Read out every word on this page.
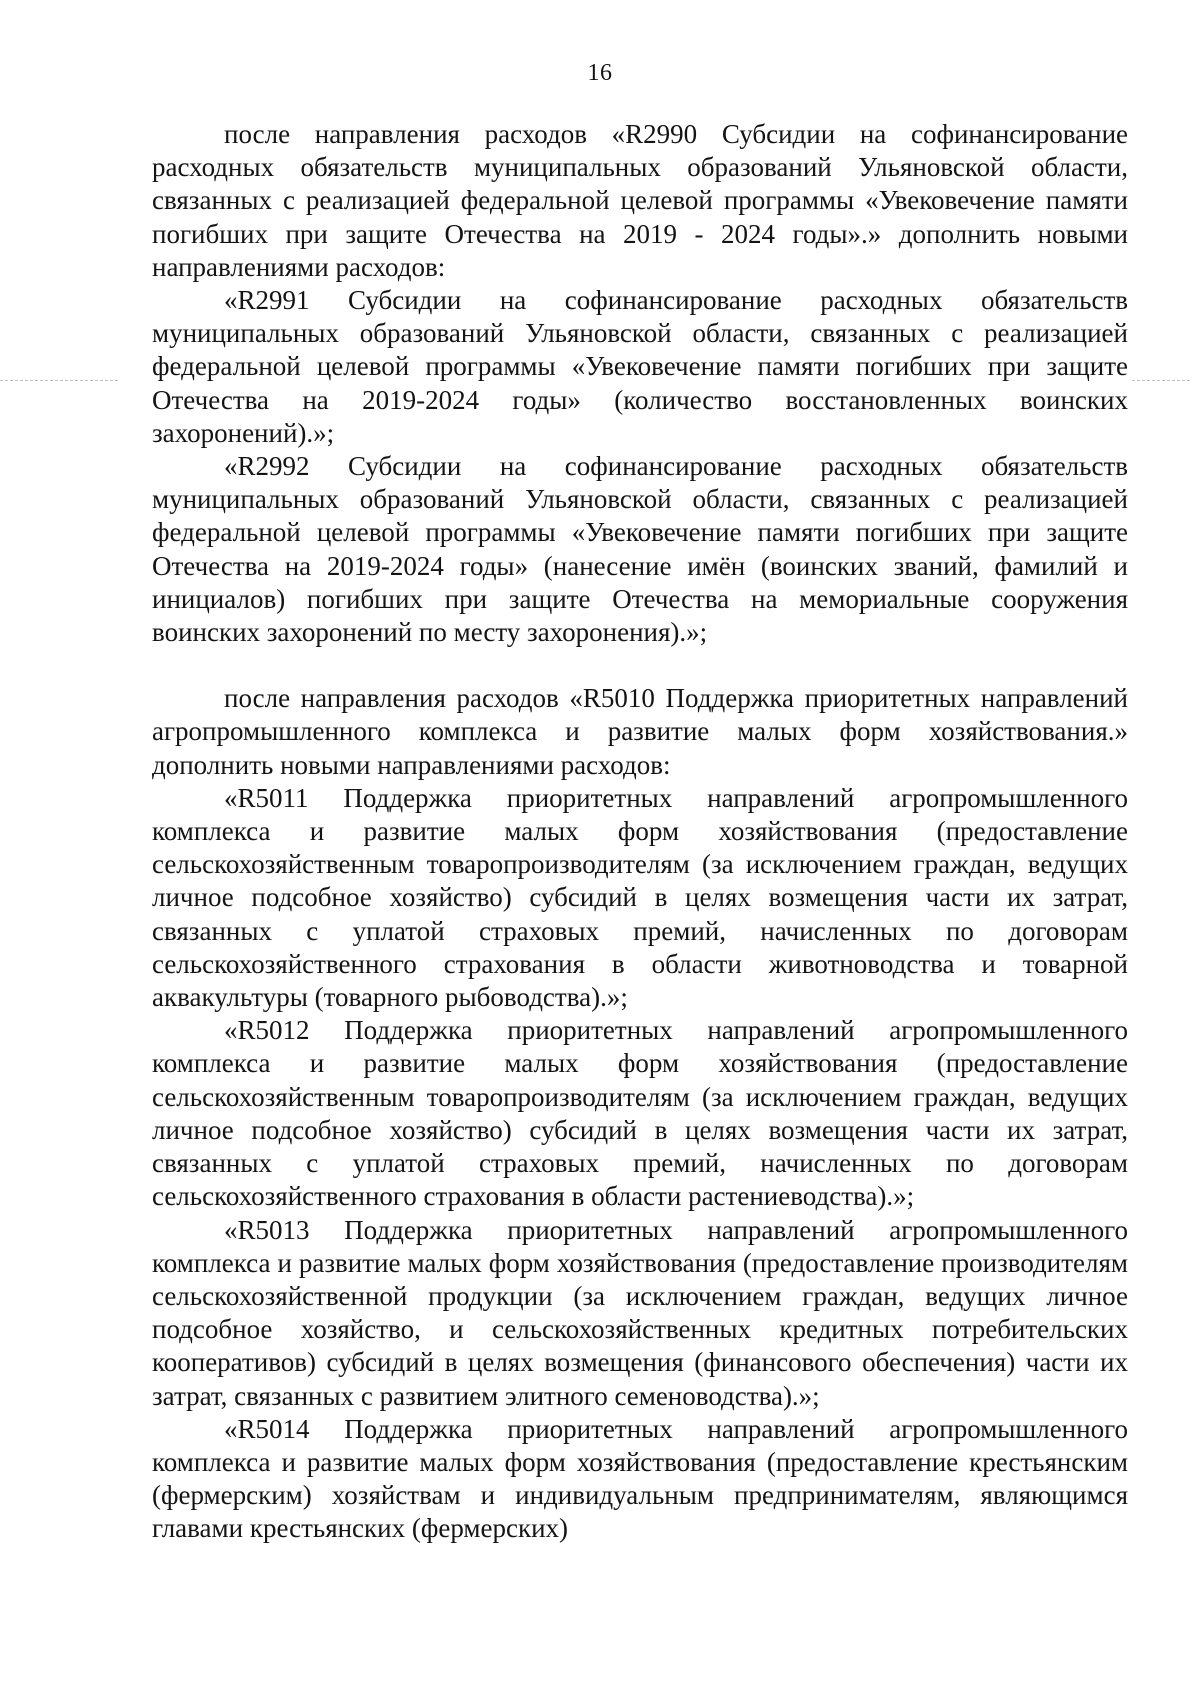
16

после направления расходов «R2990 Субсидии на софинансирование расходных обязательств муниципальных образований Ульяновской области, связанных с реализацией федеральной целевой программы «Увековечение памяти погибших при защите Отечества на 2019 - 2024 годы».» дополнить новыми направлениями расходов:

«R2991 Субсидии на софинансирование расходных обязательств муниципальных образований Ульяновской области, связанных с реализацией федеральной целевой программы «Увековечение памяти погибших при защите Отечества на 2019-2024 годы» (количество восстановленных воинских захоронений).»;

«R2992 Субсидии на софинансирование расходных обязательств муниципальных образований Ульяновской области, связанных с реализацией федеральной целевой программы «Увековечение памяти погибших при защите Отечества на 2019-2024 годы» (нанесение имён (воинских званий, фамилий и инициалов) погибших при защите Отечества на мемориальные сооружения воинских захоронений по месту захоронения).»;

после направления расходов «R5010 Поддержка приоритетных направлений агропромышленного комплекса и развитие малых форм хозяйствования.» дополнить новыми направлениями расходов:

«R5011 Поддержка приоритетных направлений агропромышленного комплекса и развитие малых форм хозяйствования (предоставление сельскохозяйственным товаропроизводителям (за исключением граждан, ведущих личное подсобное хозяйство) субсидий в целях возмещения части их затрат, связанных с уплатой страховых премий, начисленных по договорам сельскохозяйственного страхования в области животноводства и товарной аквакультуры (товарного рыбоводства).»;

«R5012 Поддержка приоритетных направлений агропромышленного комплекса и развитие малых форм хозяйствования (предоставление сельскохозяйственным товаропроизводителям (за исключением граждан, ведущих личное подсобное хозяйство) субсидий в целях возмещения части их затрат, связанных с уплатой страховых премий, начисленных по договорам сельскохозяйственного страхования в области растениеводства).»;

«R5013 Поддержка приоритетных направлений агропромышленного комплекса и развитие малых форм хозяйствования (предоставление производителям сельскохозяйственной продукции (за исключением граждан, ведущих личное подсобное хозяйство, и сельскохозяйственных кредитных потребительских кооперативов) субсидий в целях возмещения (финансового обеспечения) части их затрат, связанных с развитием элитного семеноводства).»;

«R5014 Поддержка приоритетных направлений агропромышленного комплекса и развитие малых форм хозяйствования (предоставление крестьянским (фермерским) хозяйствам и индивидуальным предпринимателям, являющимся главами крестьянских (фермерских)
